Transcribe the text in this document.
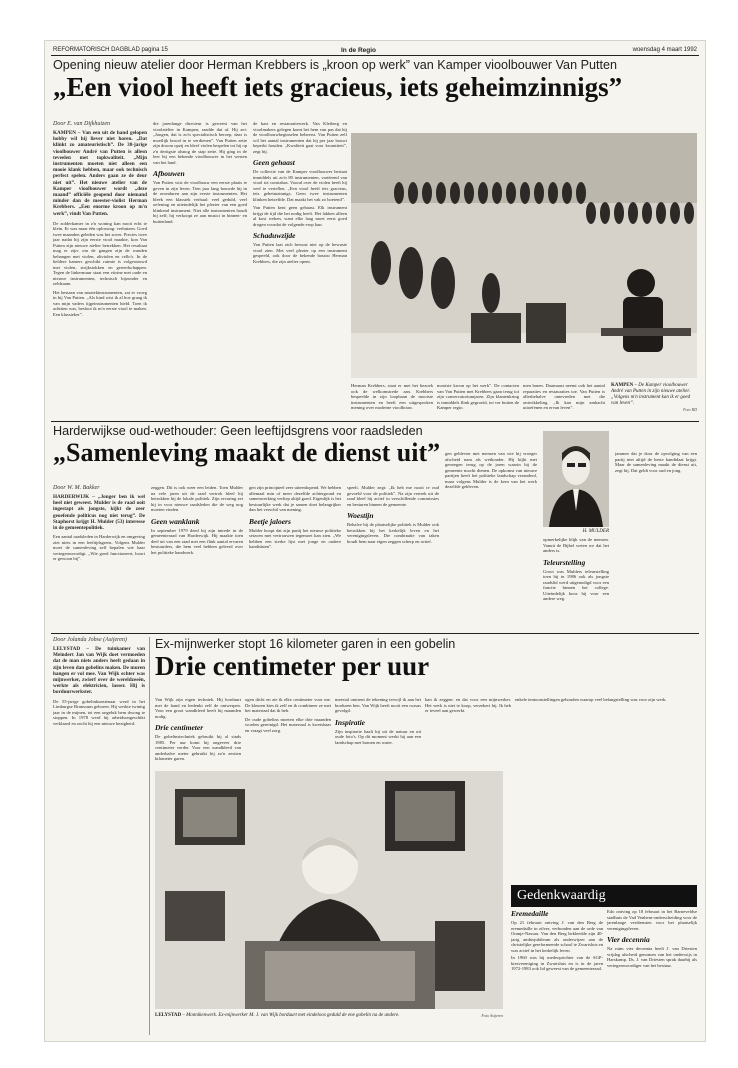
REFORMATORISCH DAGBLAD pagina 15	In de Regio	woensdag 4 maart 1992
Opening nieuw atelier door Herman Krebbers is „kroon op werk” van Kamper vioolbouwer Van Putten
„Een viool heeft iets gracieus, iets geheimzinnigs”
Door E. van Dijkhuizen
KAMPEN – Van een uit de hand gelopen hobby wil hij liever niet horen. „Dat klinkt zo amateuristisch”. De 38-jarige vioolbouwer André van Putten is allesn teveelen met topkwaliteit. „Mijn instrumenten moeten niet alleen een mooie klank hebben, maar ook technisch perfect spelen. Anders gaan ze de deur niet uit”. Het nieuwe atelier van de Kamper vioolbouwer wordt „deze maand” officiële geopend door niemand minder dan de meester-violist Herman Krebbers. „Een enorme kroon op m'n werk”, vindt Van Putten.
De zolderkamer in z'n woning kan nooit echt te klein. Er was maar één oplossing: verhuizen. Goed twee maanden geleden was het zover. Precies twee jaar nadat hij zijn eerste viool maakte, kon Van Putten zijn nieuwe atelier betrekken. Het resultaat mag er zijn: om de gangen zijn de wanden behangen met violen, altviolen en cello's. In de heldere kamers geschikt ruimte is volgestouwd met violen, strijkstokken en gereedschappen. Tegen de linkermuur staat een vitrine met oude en nieuwe instrumenten, technisch bijzonder en zeldzaam.
Het bestaan van muziekinstrumenten, zat er vroeg in bij Van Putten. „Als kind wist ik al hoe graag ik van mijn vaders tijgeinstrumenten hield. Toen ik achttien was, besloot ik m'n eerste viool te maken. Een klassieker”.
die jarenlange directeur is geweest van het vioolatelier in Kampen, raadde dat af. Hij zei: „Jongen, dat is zo'n specialistisch beroep, daar is moeilijk brood in te verdienen”. Van Putten zette zijn droom opzij en bleef violen bespelen tot hij op z'n dertigste alsnog de stap zette. Hij ging in de leer bij een bekende vioolbouwer in het westen van het land.
Afbouwen
Van Putten wist de vioolbouw een eerste plaats te geven in zijn leven. Tien jaar lang bouwde hij in de avonduren aan zijn eerste instrumenten. Het bleek een klassiek verhaal: veel geduld, veel oefening en uiteindelijk het plezier van een goed klinkend instrument. Niet alle instrumenten houdt hij zelf; hij verkoopt ze aan musici in binnen- en buitenland.
de kast en restauratiewerk. Van Kleiberg en vioolmakers gelegen komt het hem van pas dat hij de vioolbouwbeginselen beheerst. Van Putten zelf wil het aantal instrumenten dat hij per jaar bouwt beperkt houden. „Kwaliteit gaat voor kwantiteit”, zegt hij.
Geen gehaast
De collectie van de Kamper vioolbouwer bestaat inmiddels uit zo'n 80 instrumenten, variërend van viool tot contrabas. Vooral over de violen heeft hij veel te vertellen. „Een viool heeft iets gracieus, iets geheimzinnigs. Geen twee instrumenten klinken hetzelfde. Dat maakt het vak zo boeiend”.
Van Putten kent geen gehaast. Elk instrument krijgt de tijd die het nodig heeft. Het lakken alleen al kost weken, want elke laag moet eerst goed drogen voordat de volgende erop kan.
Schaduwzijde
Van Putten laat zich bewust niet op de bewuste viool zien. Met veel plezier op een instrument gespeeld, ook door de bekende bassist Herman Krebbers, die zijn atelier opent.
Herman Krebbers, staat er met het bezoek ook de welkomstrede aan. Krebbers bespeelde in zijn loopbaan de mooiste instrumenten en heeft een uitgesproken mening over moderne vioolbouw.
mooiste kroon op het werk”. De contacten van Van Putten met Krebbers gaan terug tot zijn conservatoriumjaren. Zijn klantenkring is inmiddels flink gegroeid, tot ver buiten de Kamper regio.
men baren. Daarnaast neemt ook het aantal reparaties en restauraties toe. Van Putten is allesbehalve ontevreden met die ontwikkeling. „Ik kan mijn ambacht uitoefenen en ervan leven”.
KAMPEN – De Kamper vioolbouwer André van Putten in zijn nieuwe atelier. „Volgens m'n instrument kan ik er goed van leven”.
Foto RD
Harderwijkse oud-wethouder: Geen leeftijdsgrens voor raadsleden
„Samenleving maakt de dienst uit”
Door W. M. Bakker
HARDERWIJK – „Jonger ben ik wel heel niet geweest. Mulder is de raad ooit ingestapt als jongste, kijkt de zeer geoefende politicus nog niet terug”. De Staphorst krijgt H. Mulder (53) interesse in de gemeentepolitiek.
Een aantal raadsleden in Harderwijk en omgeving ziet niets in een leeftijdsgrens. Volgens Mulder moet de samenleving zelf bepalen wie haar vertegenwoordigt. „Wie goed functioneert, hoort er gewoon bij”.
zeggen. Dit is ook weer een leiden. Toen Mulder na vele jaren uit de raad vertrok bleef hij betrokken bij de lokale politiek. Zijn ervaring zet hij in voor nieuwe raadsleden die de weg nog moeten vinden.
Geen wanklank
In september 1979 deed hij zijn intrede in de gemeenteraad van Harderwijk. Hij maakte toen deel uit van een raad met een flink aantal ervaren bestuurders, die hem veel hebben geleerd over het politieke handwerk.
gen zijn principieel zeer uiteenlopend. We hebben allemaal min of meer dezelfde achtergrond en samenwerking verliep altijd goed. Eigenlijk is het bestuurlijke werk dat je samen doet belangrijker dan het verschil van mening.
Beetje jaloers
Mulder hoopt dat zijn partij het nieuwe politieke seizoen met vertrouwen tegemoet kan zien. „We hebben een sterke lijst met jonge en oudere kandidaten”.
speelt. Mulder zegt: „Ik heb me nooit te oud gevoeld voor de politiek”. Na zijn vertrek uit de raad bleef hij actief in verschillende commissies en besturen binnen de gemeente.
Woestijn
Behalve bij de plaatselijke politiek is Mulder ook betrokken bij het kerkelijk leven en het verenigingsleven. Die combinatie van taken houdt hem naar eigen zeggen scherp en actief.
gen gebleven met mensen van wie hij vroeger afscheid nam als wethouder. Hij kijkt met genoegen terug op de jaren waarin hij de gemeente mocht dienen. De opkomst van nieuwe partijen heeft het politieke landschap veranderd, maar volgens Mulder is de kern van het werk dezelfde gebleven.
H. MULDER
opmerkelijke blijk van de mensen. Vanuit de Bijbel weten we dat het anders is.
Teleurstelling
Groot was Mulders teleurstelling toen hij in 1986 ook als jongste raadslid werd uitgenodigd voor een functie binnen het college. Uiteindelijk koos hij voor een andere weg.
jammer dat je door de opvolging van een partij niet altijd de beste kandidaat krijgt. Maar de samenleving maakt de dienst uit, zegt hij. Dat geldt voor oud en jong.
Door Jolanda Jobse (Asijeren)
LELYSTAD – De tuinkamer van Meindert Jan van Wijk doet vermoeden dat de man niets anders heeft gedaan in zijn leven dan gobelins maken. De muren hangen er vol mee. Van Wijk echter was mijnwerker, zwierf over de wereldzeeën, werkte als elektricien, lasser. Hij is borduurwerkster.
De 55-jarige gobelinkunstenaar werd in het Limburgse Brunssum geboren. Hij werkte twintig jaar in de mijnen, tot een ongeluk hem dwong te stoppen. In 1978 werd hij arbeidsongeschikt verklaard en zocht hij een nieuwe bezigheid.
Ex-mijnwerker stopt 16 kilometer garen in een gobelin
Drie centimeter per uur
Van Wijk zijn eigen techniek. Hij borduurt met de hand en bedenkt zelf de ontwerpen. Voor een groot wandkleed heeft hij maanden nodig.
Drie centimeter
De gobelinstechniek gebruikt hij al sinds 1985. Per uur komt hij ongeveer drie centimeter verder. Voor een wandkleed van anderhalve meter gebruikt hij zo'n zestien kilometer garen.
ogen dicht en zie ik elke centimeter voor me. De kleuren kies ik zelf en ik combineer ze met het materiaal dat ik heb.
De oude gobelins moeten elke drie maanden worden gereinigd. Het materiaal is kwetsbaar en vraagt veel zorg.
meestal omtrent de tekening terwijl ik aan het borduren ben. Van Wijk heeft nooit een cursus gevolgd.
Inspiratie
Zijn inspiratie haalt hij uit de natuur en uit oude foto's. Op dit moment werkt hij aan een landschap met bomen en water.
kan ik zeggen: en dat voor een mijnwerker. Het werk is niet te koop, verzekert hij. Ik heb er teveel aan gewerkt.
enkele tentoonstellingen gehouden waarop veel belangstelling was voor zijn werk.
LELYSTAD – Monnikenwerk. Ex-mijnwerker M. J. van Wijk borduurt met eindeloos geduld de ene gobelin na de andere.	Foto Asijeren
Gedenkwaardig
Eremedaille
Op 21 februari ontving J. van den Berg de eremedaille in zilver, verbonden aan de orde van Oranje-Nassau. Van den Berg bekleedde zijn 40-jarig ambtsjubileum als onderwijzer aan de christelijke gereformeerde school te Zwartsluis en was actief in het kerkelijk leven.
In 1960 was hij medeoprichter van de SGP-kiesvereniging in Zwartsluis en is in de jaren 1972-1983 ook lid geweest van de gemeenteraad.
Edo ontving op 18 februari in het Barneveldse stadhuis de Vad Venhem-onderscheiding voor de jarenlange verdiensten voor het plaatselijk verenigingsleven.
Vier decennia
Na ruim vier decennia heeft J. van Driesten vrijdag afscheid genomen van het onderwijs in Harskamp. Ds. J. van Driesten sprak daarbij als vertegenwoordiger van het bestuur.
